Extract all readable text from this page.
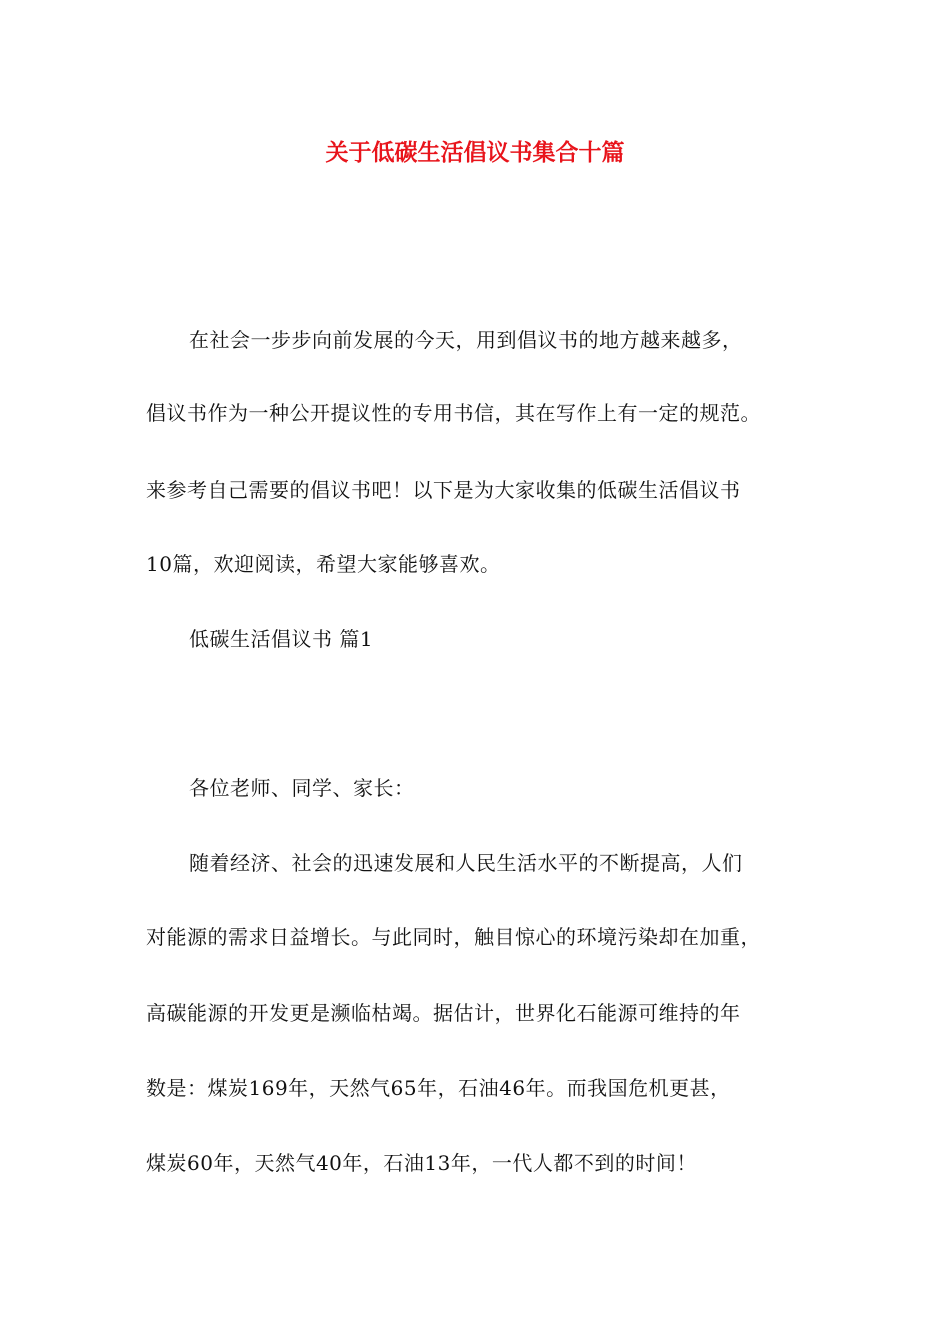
关于低碳生活倡议书集合十篇
在社会一步步向前发展的今天，用到倡议书的地方越来越多，
倡议书作为一种公开提议性的专用书信，其在写作上有一定的规范。
来参考自己需要的倡议书吧！以下是为大家收集的低碳生活倡议书
10篇，欢迎阅读，希望大家能够喜欢。
低碳生活倡议书 篇1
各位老师、同学、家长：
随着经济、社会的迅速发展和人民生活水平的不断提高，人们
对能源的需求日益增长。与此同时，触目惊心的环境污染却在加重，
高碳能源的开发更是濒临枯竭。据估计，世界化石能源可维持的年
数是：煤炭169年，天然气65年，石油46年。而我国危机更甚，
煤炭60年，天然气40年，石油13年，一代人都不到的时间！
